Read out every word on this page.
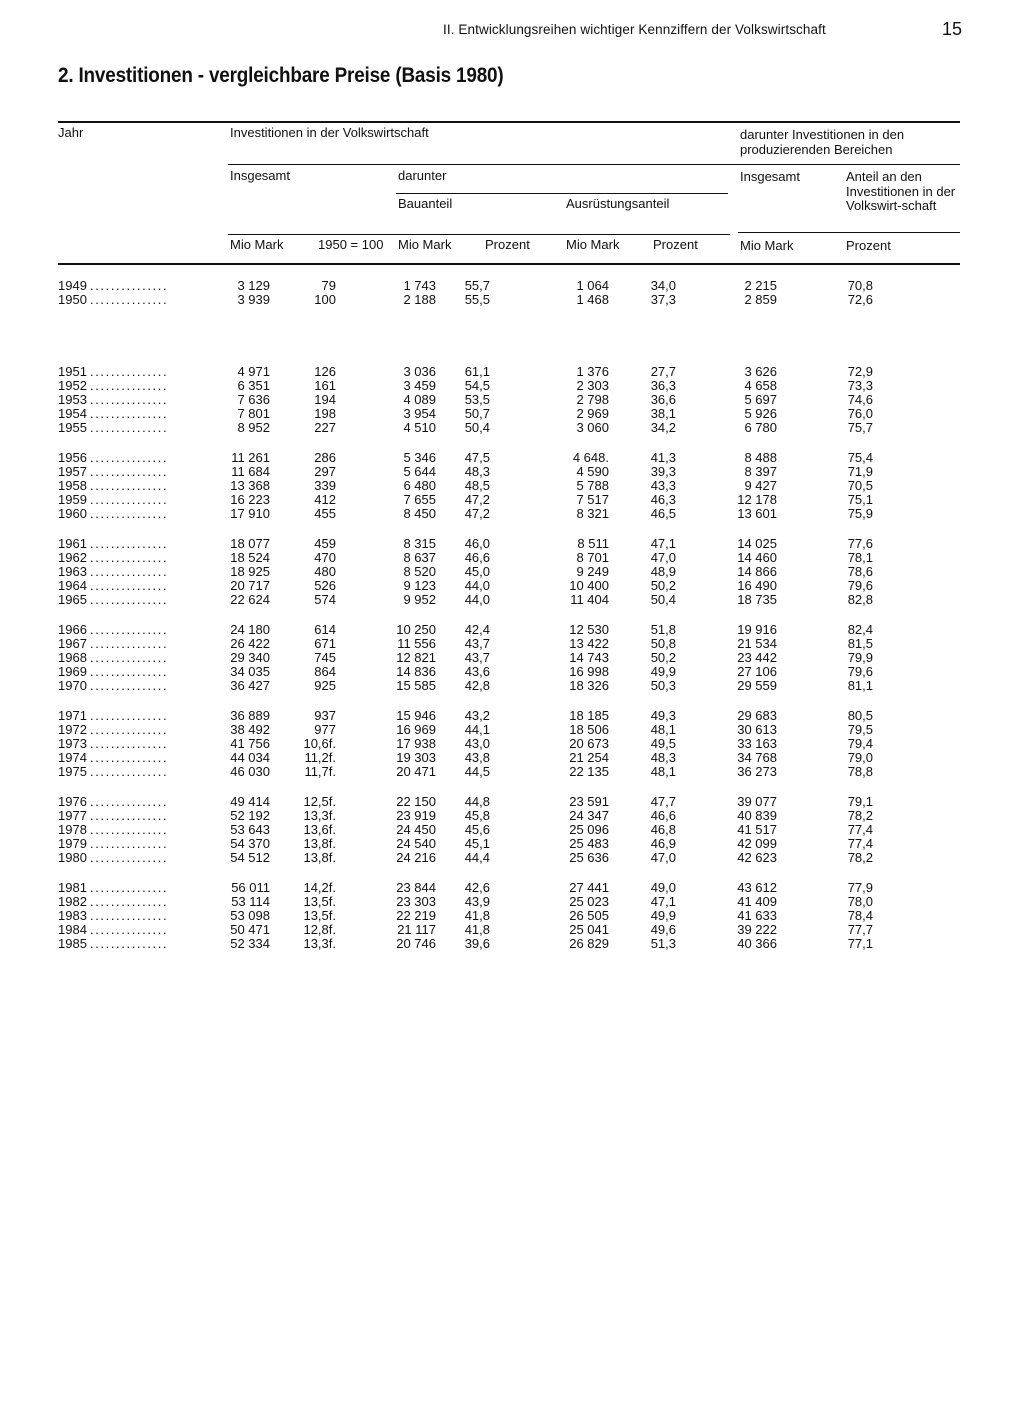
II. Entwicklungsreihen wichtiger Kennziffern der Volkswirtschaft	15
2. Investitionen - vergleichbare Preise (Basis 1980)
Jahr	Investitionen in der Volkswirtschaft	darunter Investitionen in den produzierenden Bereichen
Insgesamt	darunter
Bauanteil	Ausrüstungsanteil
Insgesamt	Anteil an den Investitionen in der Volkswirt-schaft
Mio Mark	1950 = 100 Mio Mark	Prozent	Mio Mark	Prozent	Mio Mark	Prozent
1949 ...............	3 129	79	1 743 55,7	1 064	34,0	2 215	70,8
1950 ...............	3 939	100	2 188 55,5	1 468	37,3	2 859	72,6
1951 ...............	4 971	126	3 036 61,1	1 376	27,7	3 626	72,9
1952 ...............	6 351	161	3 459 54,5	2 303	36,3	4 658	73,3
1953 ...............	7 636	194	4 089 53,5	2 798	36,6	5 697	74,6
1954 ...............	7 801	198	3 954 50,7	2 969	38,1	5 926	76,0
1955 ...............	8 952	227	4 510 50,4	3 060	34,2	6 780	75,7
1956 ...............	11 261	286	5 346 47,5	4 648.	41,3	8 488	75,4
1957 ...............	11 684	297	5 644 48,3	4 590	39,3	8 397	71,9
1958 ...............	13 368	339	6 480 48,5	5 788	43,3	9 427	70,5
1959 ...............	16 223	412	7 655 47,2	7 517	46,3	12 178	75,1
1960 ...............	17 910	455	8 450 47,2	8 321	46,5	13 601	75,9
1961 ...............	18 077	459	8 315 46,0	8 511	47,1	14 025	77,6
1962 ...............	18 524	470	8 637 46,6	8 701	47,0	14 460	78,1
1963 ...............	18 925	480	8 520 45,0	9 249	48,9	14 866	78,6
1964 ...............	20 717	526	9 123 44,0	10 400	50,2	16 490	79,6
1965 ...............	22 624	574	9 952 44,0	11 404	50,4	18 735	82,8
1966 ...............	24 180	614	10 250 42,4	12 530	51,8	19 916	82,4
1967 ...............	26 422	671	11 556 43,7	13 422	50,8	21 534	81,5
1968 ...............	29 340	745	12 821 43,7	14 743	50,2	23 442	79,9
1969 ...............	34 035	864	14 836 43,6	16 998	49,9	27 106	79,6
1970 ...............	36 427	925	15 585 42,8	18 326	50,3	29 559	81,1
1971 ...............	36 889	937	15 946 43,2	18 185	49,3	29 683	80,5
1972 ...............	38 492	977	16 969 44,1	18 506	48,1	30 613	79,5
1973 ...............	41 756	10,6f.	17 938 43,0	20 673	49,5	33 163	79,4
1974 ...............	44 034	11,2f.	19 303 43,8	21 254	48,3	34 768	79,0
1975 ...............	46 030	11,7f.	20 471 44,5	22 135	48,1	36 273	78,8
1976 ...............	49 414	12,5f.	22 150 44,8	23 591	47,7	39 077	79,1
1977 ...............	52 192	13,3f.	23 919 45,8	24 347	46,6	40 839	78,2
1978 ...............	53 643	13,6f.	24 450 45,6	25 096	46,8	41 517	77,4
1979 ...............	54 370	13,8f.	24 540 45,1	25 483	46,9	42 099	77,4
1980 ...............	54 512	13,8f.	24 216 44,4	25 636	47,0	42 623	78,2
1981 ...............	56 011	14,2f.	23 844 42,6	27 441	49,0	43 612	77,9
1982 ...............	53 114	13,5f.	23 303 43,9	25 023	47,1	41 409	78,0
1983 ...............	53 098	13,5f.	22 219 41,8	26 505	49,9	41 633	78,4
1984 ...............	50 471	12,8f.	21 117 41,8	25 041	49,6	39 222	77,7
1985 ...............	52 334	13,3f.	20 746 39,6	26 829	51,3	40 366	77,1
